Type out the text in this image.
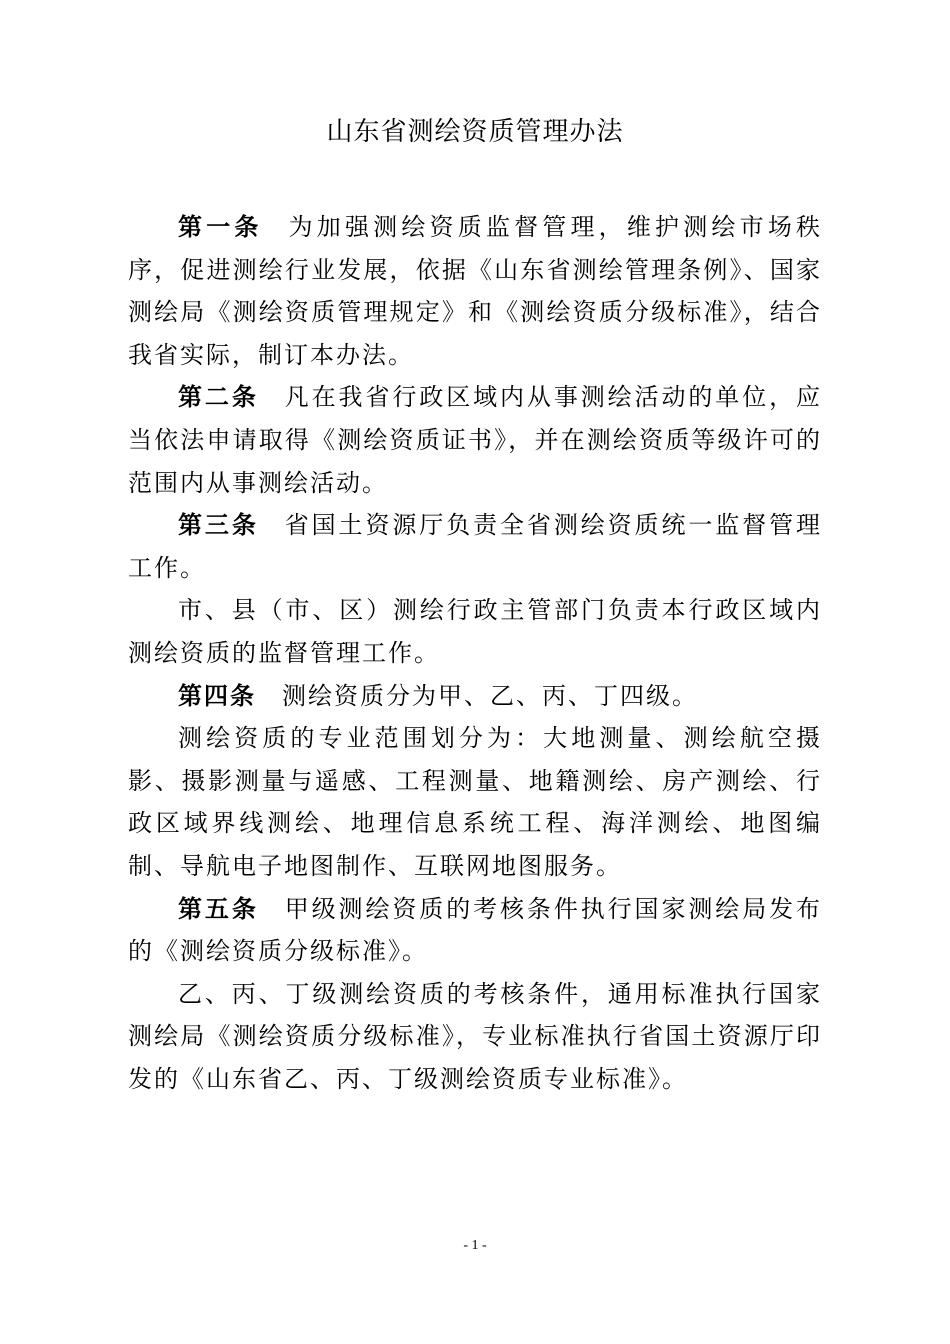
山东省测绘资质管理办法

第一条 为加强测绘资质监督管理，维护测绘市场秩序，促进测绘行业发展，依据《山东省测绘管理条例》、国家测绘局《测绘资质管理规定》和《测绘资质分级标准》，结合我省实际，制订本办法。

第二条 凡在我省行政区域内从事测绘活动的单位，应当依法申请取得《测绘资质证书》，并在测绘资质等级许可的范围内从事测绘活动。

第三条 省国土资源厅负责全省测绘资质统一监督管理工作。

市、县（市、区）测绘行政主管部门负责本行政区域内测绘资质的监督管理工作。

第四条 测绘资质分为甲、乙、丙、丁四级。

测绘资质的专业范围划分为：大地测量、测绘航空摄影、摄影测量与遥感、工程测量、地籍测绘、房产测绘、行政区域界线测绘、地理信息系统工程、海洋测绘、地图编制、导航电子地图制作、互联网地图服务。

第五条 甲级测绘资质的考核条件执行国家测绘局发布的《测绘资质分级标准》。

乙、丙、丁级测绘资质的考核条件，通用标准执行国家测绘局《测绘资质分级标准》，专业标准执行省国土资源厅印发的《山东省乙、丙、丁级测绘资质专业标准》。

- 1 -
